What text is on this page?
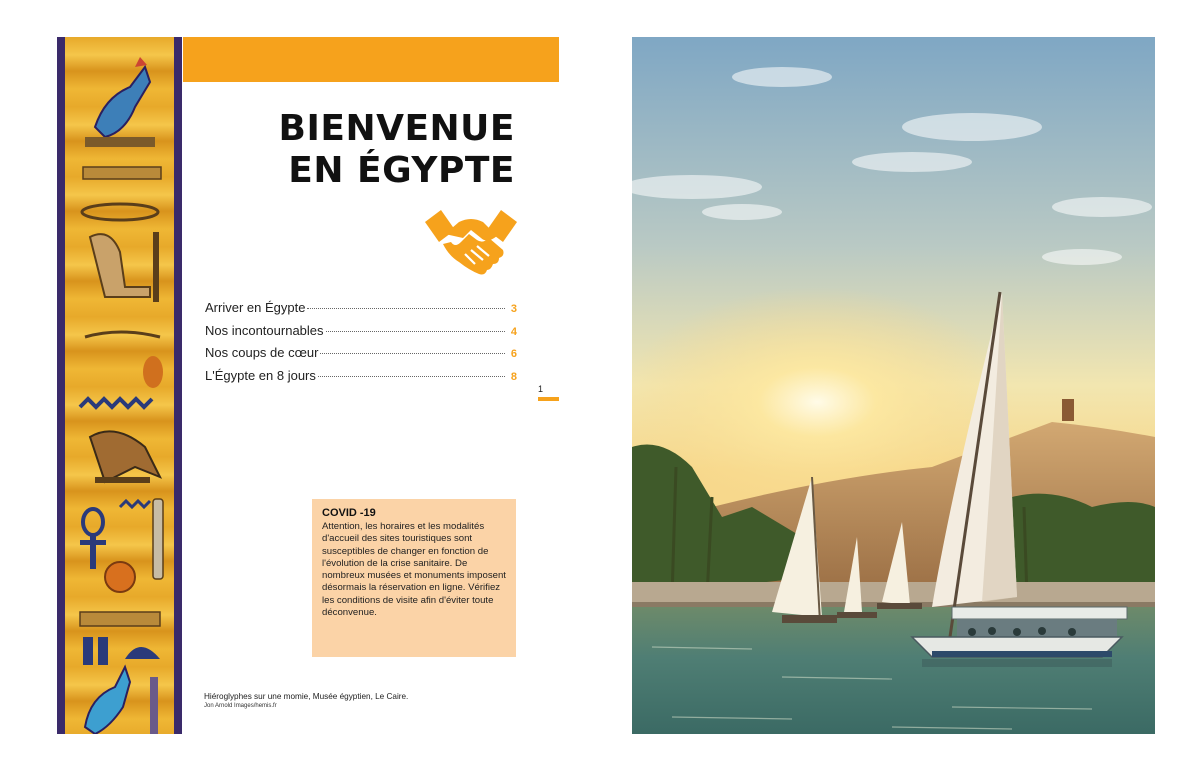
BIENVENUE
EN ÉGYPTE
Arriver en Égypte	3
Nos incontournables	4
Nos coups de cœur	6
L'Égypte en 8 jours	8
1
COVID -19
Attention, les horaires et les modalités d'accueil des sites touristiques sont susceptibles de changer en fonction de l'évolution de la crise sanitaire. De nombreux musées et monuments imposent désormais la réservation en ligne. Vérifiez les conditions de visite afin d'éviter toute déconvenue.
Hiéroglyphes sur une momie, Musée égyptien, Le Caire.
Jon Arnold Images/hemis.fr
